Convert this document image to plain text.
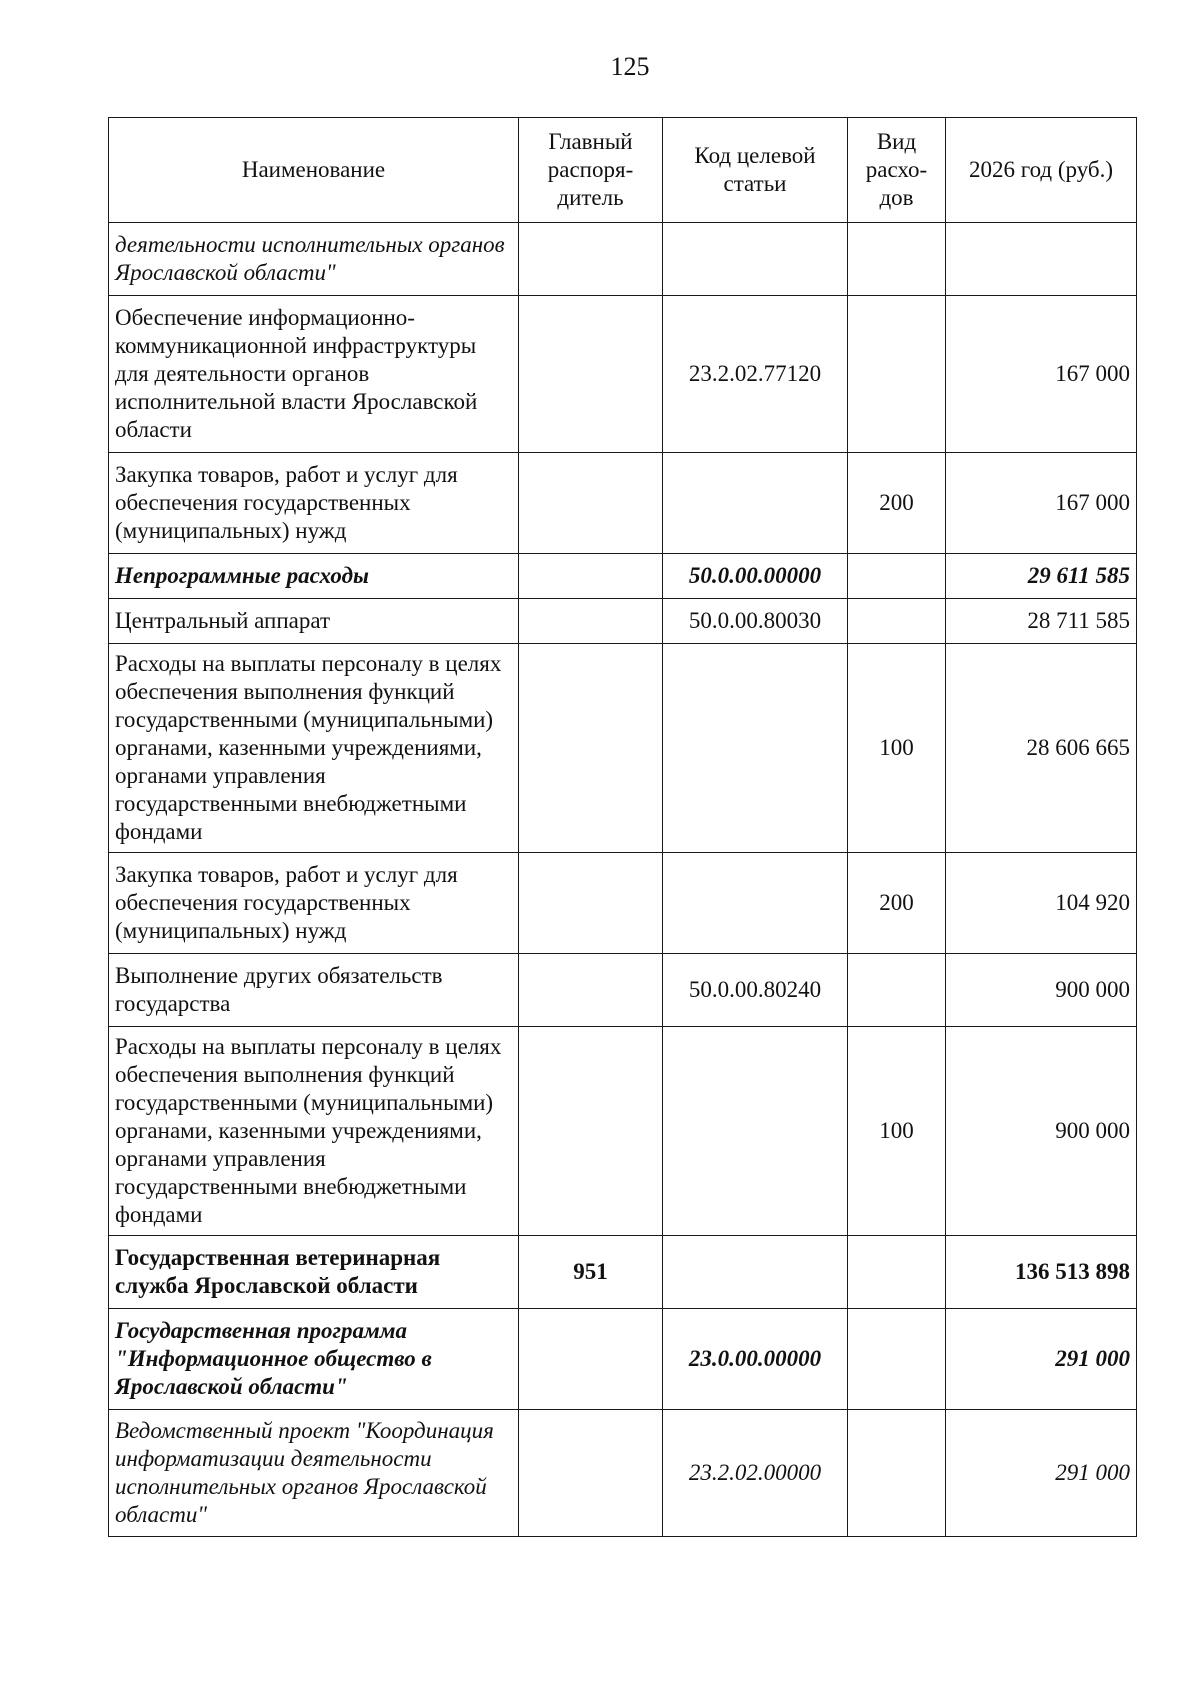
125
Наименование	Главный распоря-дитель	Код целевой статьи	Вид расхо-дов	2026 год (руб.)
деятельности исполнительных органов Ярославской области"				
Обеспечение информационно-коммуникационной инфраструктуры для деятельности органов исполнительной власти Ярославской области		23.2.02.77120		167 000
Закупка товаров, работ и услуг для обеспечения государственных (муниципальных) нужд			200	167 000
Непрограммные расходы		50.0.00.00000		29 611 585
Центральный аппарат		50.0.00.80030		28 711 585
Расходы на выплаты персоналу в целях обеспечения выполнения функций государственными (муниципальными) органами, казенными учреждениями, органами управления государственными внебюджетными фондами			100	28 606 665
Закупка товаров, работ и услуг для обеспечения государственных (муниципальных) нужд			200	104 920
Выполнение других обязательств государства		50.0.00.80240		900 000
Расходы на выплаты персоналу в целях обеспечения выполнения функций государственными (муниципальными) органами, казенными учреждениями, органами управления государственными внебюджетными фондами			100	900 000
Государственная ветеринарная служба Ярославской области	951			136 513 898
Государственная программа "Информационное общество в Ярославской области"		23.0.00.00000		291 000
Ведомственный проект "Координация информатизации деятельности исполнительных органов Ярославской области"		23.2.02.00000		291 000
